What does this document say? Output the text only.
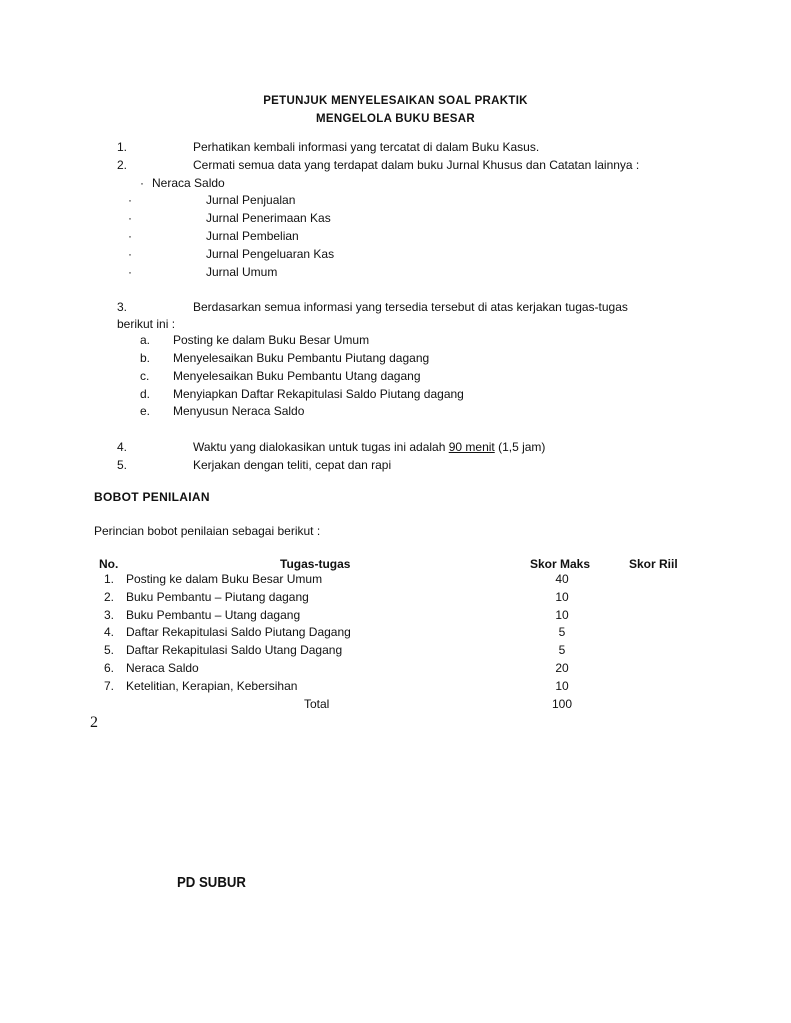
PETUNJUK MENYELESAIKAN SOAL PRAKTIK
MENGELOLA BUKU BESAR
1.	Perhatikan kembali informasi yang tercatat di dalam Buku Kasus.
2.	Cermati semua data yang terdapat dalam buku Jurnal Khusus dan Catatan lainnya :
· Neraca Saldo
·	Jurnal Penjualan
·	Jurnal Penerimaan Kas
·	Jurnal Pembelian
·	Jurnal Pengeluaran Kas
·	Jurnal Umum
3.	Berdasarkan semua informasi yang tersedia tersebut di atas kerjakan tugas-tugas
berikut ini :
a. Posting ke dalam Buku Besar Umum
b. Menyelesaikan Buku Pembantu Piutang dagang
c. Menyelesaikan Buku Pembantu Utang dagang
d. Menyiapkan Daftar Rekapitulasi Saldo Piutang dagang
e. Menyusun Neraca Saldo
4.	Waktu yang dialokasikan untuk tugas ini adalah 90 menit (1,5 jam)
5.	Kerjakan dengan teliti, cepat dan rapi
BOBOT PENILAIAN
Perincian bobot penilaian sebagai berikut :
No.	Tugas-tugas	Skor Maks	Skor Riil
1. Posting ke dalam Buku Besar Umum	40
2. Buku Pembantu – Piutang dagang	10
3. Buku Pembantu – Utang dagang	10
4. Daftar Rekapitulasi Saldo Piutang Dagang	5
5. Daftar Rekapitulasi Saldo Utang Dagang	5
6. Neraca Saldo	20
7. Ketelitian, Kerapian, Kebersihan	10
Total	100
2
PD SUBUR
